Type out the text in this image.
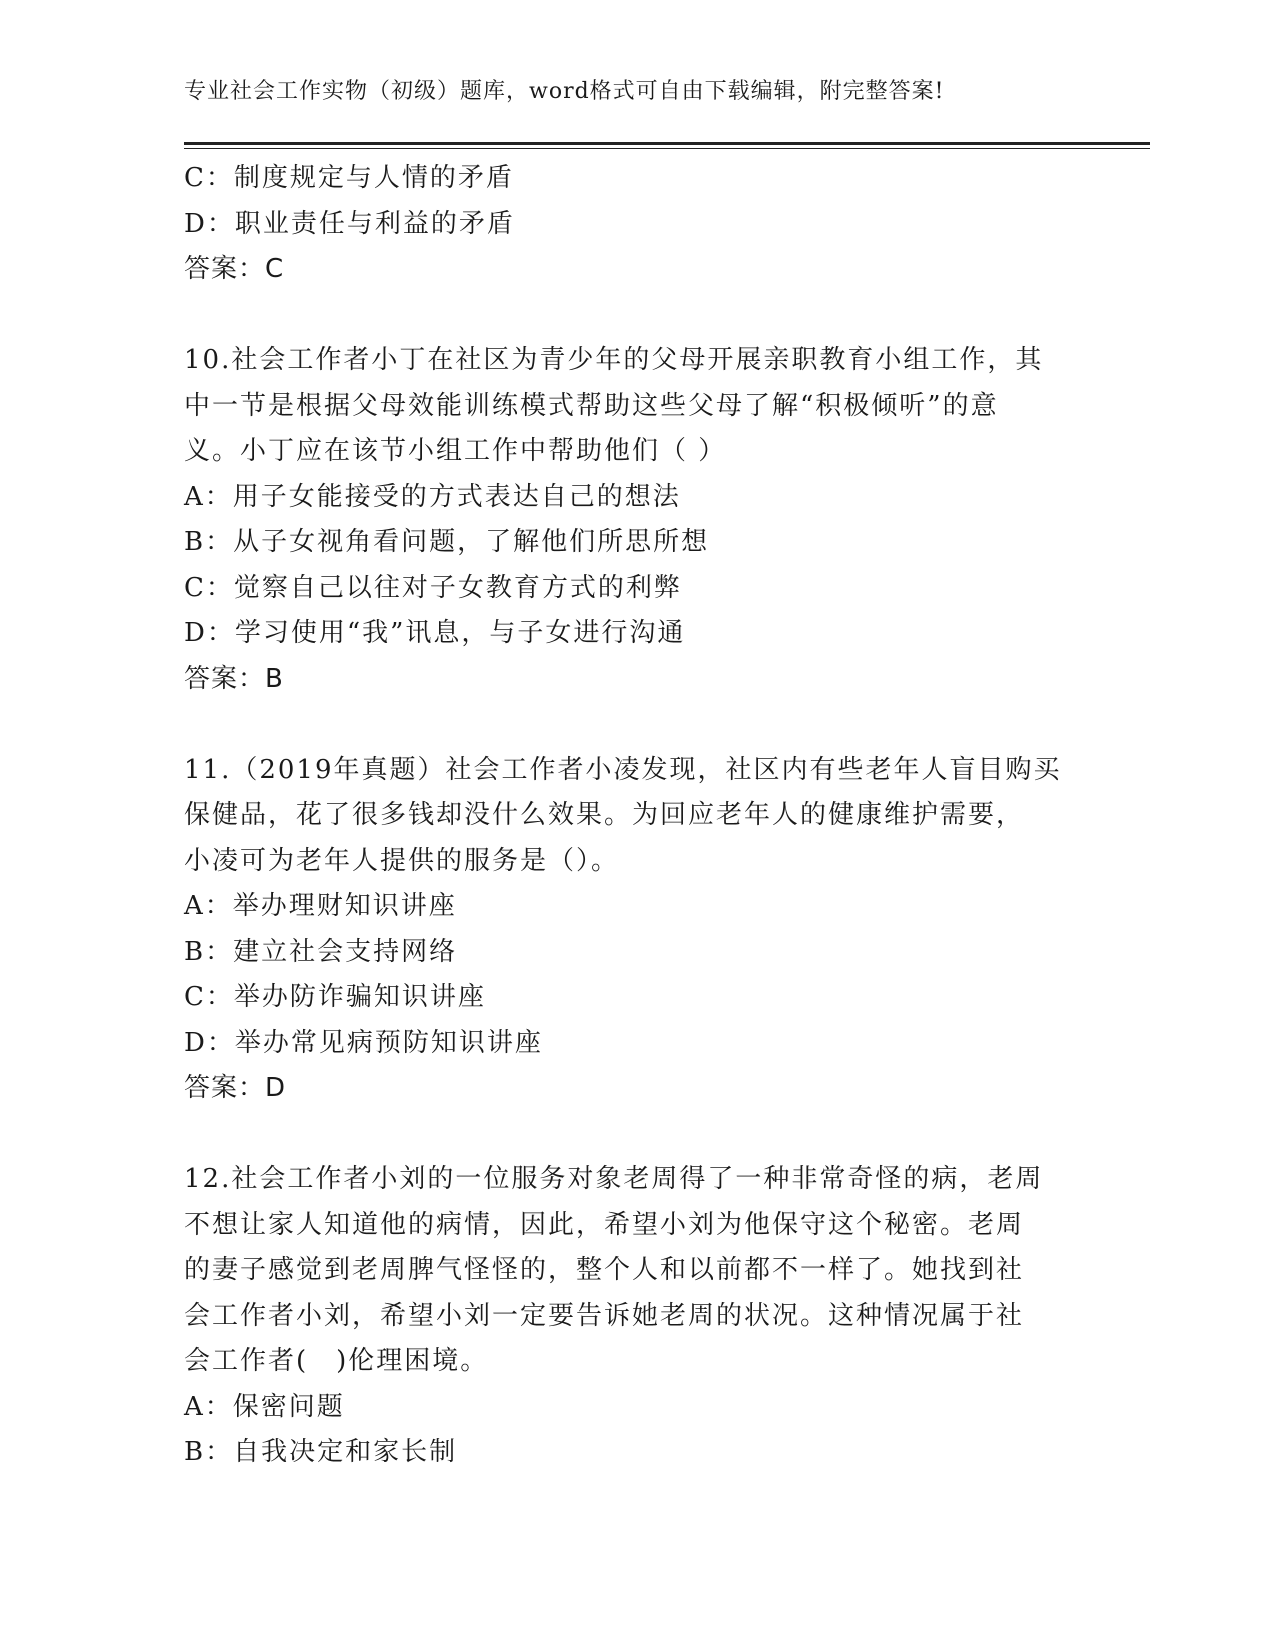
专业社会工作实物（初级）题库，word格式可自由下载编辑，附完整答案!
C：制度规定与人情的矛盾
D：职业责任与利益的矛盾
答案：C
10.社会工作者小丁在社区为青少年的父母开展亲职教育小组工作，其
中一节是根据父母效能训练模式帮助这些父母了解“积极倾听”的意
义。小丁应在该节小组工作中帮助他们（ ）
A：用子女能接受的方式表达自己的想法
B：从子女视角看问题，了解他们所思所想
C：觉察自己以往对子女教育方式的利弊
D：学习使用“我”讯息，与子女进行沟通
答案：B
11.（2019年真题）社会工作者小凌发现，社区内有些老年人盲目购买
保健品，花了很多钱却没什么效果。为回应老年人的健康维护需要，
小凌可为老年人提供的服务是（）。
A：举办理财知识讲座
B：建立社会支持网络
C：举办防诈骗知识讲座
D：举办常见病预防知识讲座
答案：D
12.社会工作者小刘的一位服务对象老周得了一种非常奇怪的病，老周
不想让家人知道他的病情，因此，希望小刘为他保守这个秘密。老周
的妻子感觉到老周脾气怪怪的，整个人和以前都不一样了。她找到社
会工作者小刘，希望小刘一定要告诉她老周的状况。这种情况属于社
会工作者(　)伦理困境。
A：保密问题
B：自我决定和家长制
